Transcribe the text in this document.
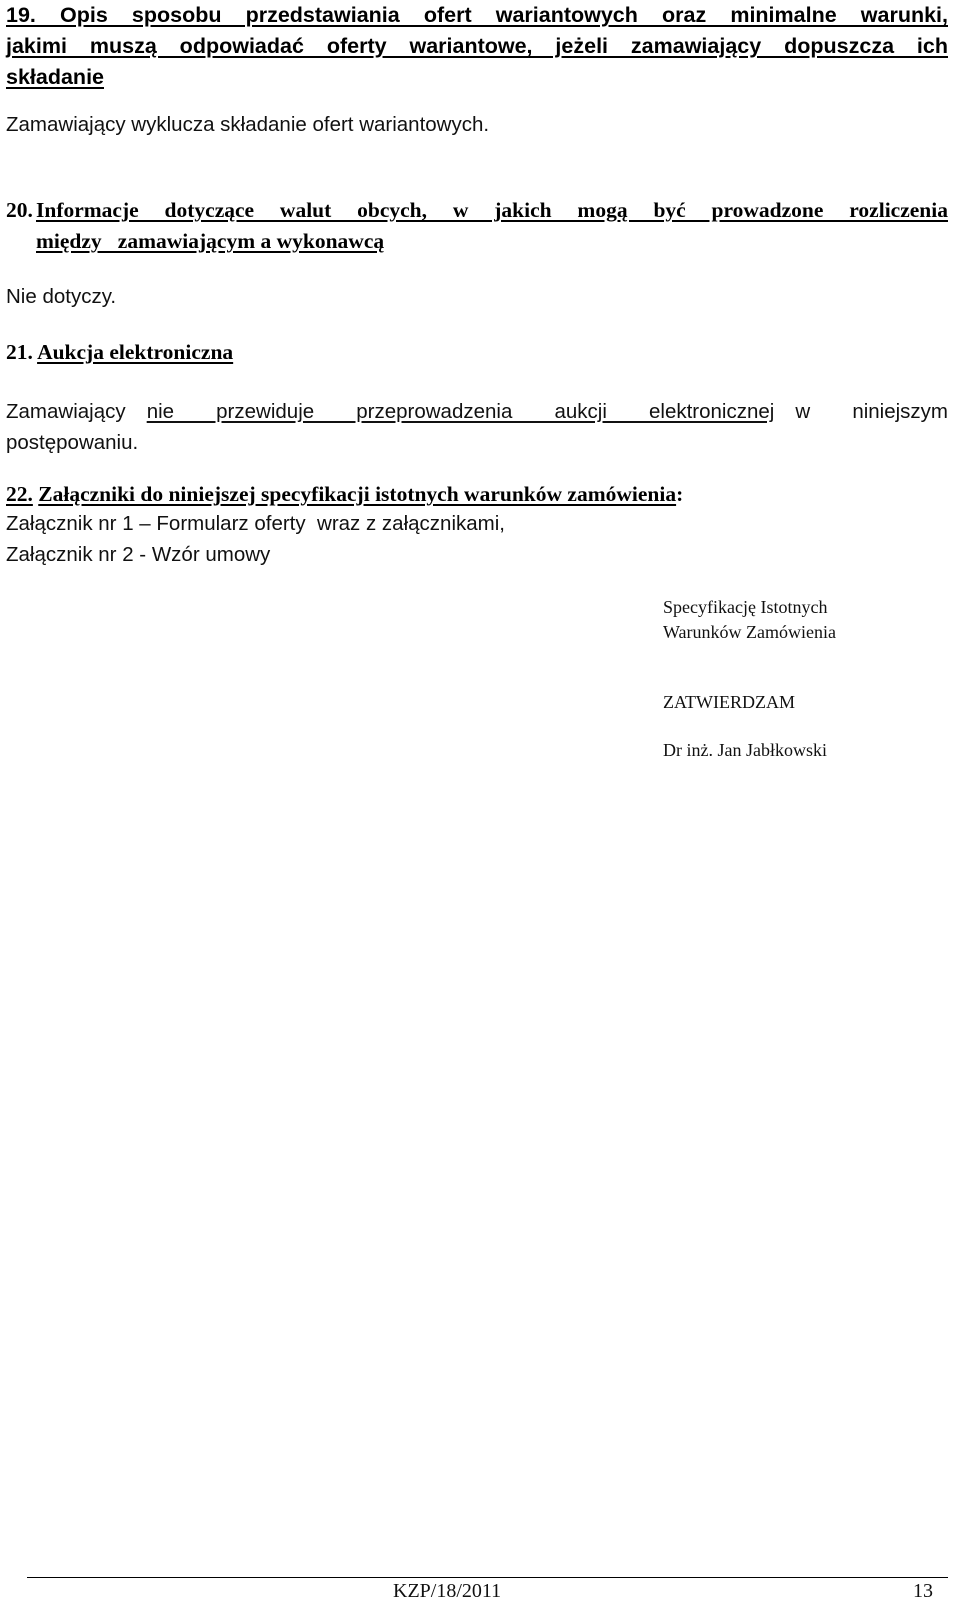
19. Opis sposobu przedstawiania ofert wariantowych oraz minimalne warunki,
jakimi muszą odpowiadać oferty wariantowe, jeżeli zamawiający dopuszcza ich
składanie
Zamawiający wyklucza składanie ofert wariantowych.
20. Informacje dotyczące walut obcych, w jakich mogą być prowadzone rozliczenia
między   zamawiającym a wykonawcą
Nie dotyczy.
21. Aukcja elektroniczna
Zamawiający nie  przewiduje  przeprowadzenia  aukcji  elektronicznej w  niniejszym
postępowaniu.
22. Załączniki do niniejszej specyfikacji istotnych warunków zamówienia:
Załącznik nr 1 – Formularz oferty  wraz z załącznikami,
Załącznik nr 2 - Wzór umowy
Specyfikację Istotnych
Warunków Zamówienia
ZATWIERDZAM
Dr inż. Jan Jabłkowski
KZP/18/2011	13
